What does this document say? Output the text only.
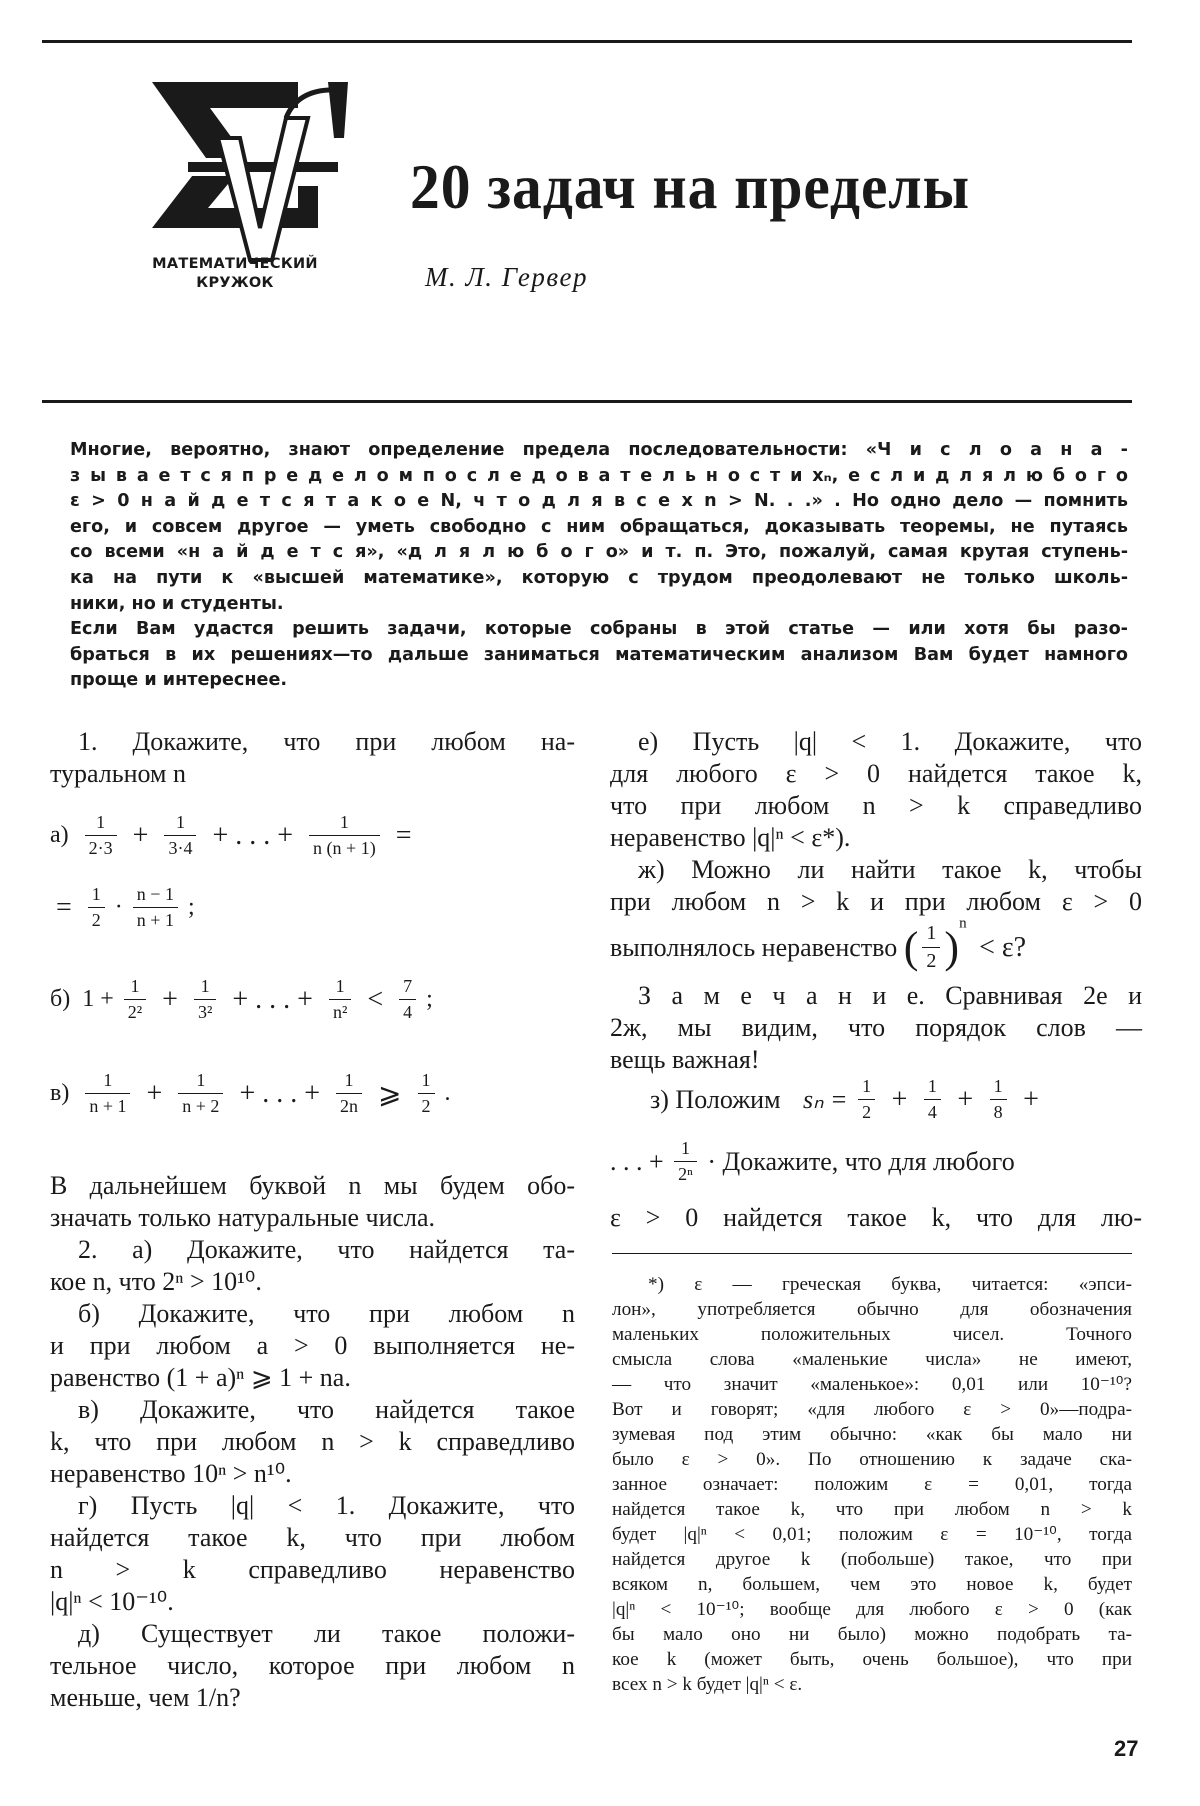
МАТЕМАТИЧЕСКИЙ
КРУЖОК
20 задач на пределы
М. Л. Гервер
Многие, вероятно, знают определение предела последовательности: «Ч и с л о a н а -
з ы в а е т с я п р е д е л о м п о с л е д о в а т е л ь н о с т и xₙ, е с л и д л я л ю б о г о
ε > 0 н а й д е т с я т а к о е N, ч т о д л я в с е х n > N. . .» . Но одно дело — помнить
его, и совсем другое — уметь свободно с ним обращаться, доказывать теоремы, не путаясь
со всеми «н а й д е т с я», «д л я л ю б о г о» и т. п. Это, пожалуй, самая крутая ступень-
ка на пути к «высшей математике», которую с трудом преодолевают не только школь-
ники, но и студенты.
Если Вам удастся решить задачи, которые собраны в этой статье — или хотя бы разо-
браться в их решениях—то дальше заниматься математическим анализом Вам будет намного
проще и интереснее.
1. Докажите, что при любом на-
туральном n
$а) \frac{1}{2\cdot 3} + \frac{1}{3\cdot 4}$ + . . . + $\frac{1}{n (n + 1)}$ =
= $\frac{1}{2} \cdot \frac{n - 1}{n + 1}$ ;
б) $1 + \frac{1}{\text{2²}} + \frac{1}{\text{3²}}$ + . . . + $\frac{1}{\text{n²}} < \frac{7}{4}$ ;
$в) \frac{1}{n + 1} + \frac{1}{n + 2}$ + . . . + $\frac{1}{2n}$ ⩾ $\frac{1}{2}$ .
В дальнейшем буквой n мы будем обо-
значать только натуральные числа.
2. а) Докажите, что найдется та-
кое n, что 2ⁿ > 10¹⁰.
б) Докажите, что при любом n
и при любом a > 0 выполняется не-
равенство (1 + a)ⁿ ⩾ 1 + na.
в) Докажите, что найдется такое
k, что при любом n > k справедливо
неравенство 10ⁿ > n¹⁰.
г) Пусть |q| < 1. Докажите, что
найдется такое k, что при любом
n > k справедливо неравенство
|q|ⁿ < 10⁻¹⁰.
д) Существует ли такое положи-
тельное число, которое при любом n
меньше, чем 1/n?
е) Пусть |q| < 1. Докажите, что
для любого ε > 0 найдется такое k,
что при любом n > k справедливо
неравенство |q|ⁿ < ε*).
ж) Можно ли найти такое k, чтобы
при любом n > k и при любом ε > 0
выполнялось неравенство ( $\frac{1}{2} )^n < \varepsilon$?
З а м е ч а н и е. Сравнивая 2е и
2ж, мы видим, что порядок слов —
вещь важная!
з) Положим $s_n = \frac{1}{2} + \frac{1}{4} + \frac{1}{8}$ +
. . . + $\frac{1}{\text{2ⁿ}}$ · Докажите, что для любого
ε > 0 найдется такое k, что для лю-
*) ε — греческая буква, читается: «эпси-
лон», употребляется обычно для обозначения
маленьких положительных чисел. Точного
смысла слова «маленькие числа» не имеют,
— что значит «маленькое»: 0,01 или 10⁻¹⁰?
Вот и говорят; «для любого ε > 0»—подра-
зумевая под этим обычно: «как бы мало ни
было ε > 0». По отношению к задаче ска-
занное означает: положим ε = 0,01, тогда
найдется такое k, что при любом n > k
будет |q|ⁿ < 0,01; положим ε = 10⁻¹⁰, тогда
найдется другое k (побольше) такое, что при
всяком n, большем, чем это новое k, будет
|q|ⁿ < 10⁻¹⁰; вообще для любого ε > 0 (как
бы мало оно ни было) можно подобрать та-
кое k (может быть, очень большое), что при
всех n > k будет |q|ⁿ < ε.
27
